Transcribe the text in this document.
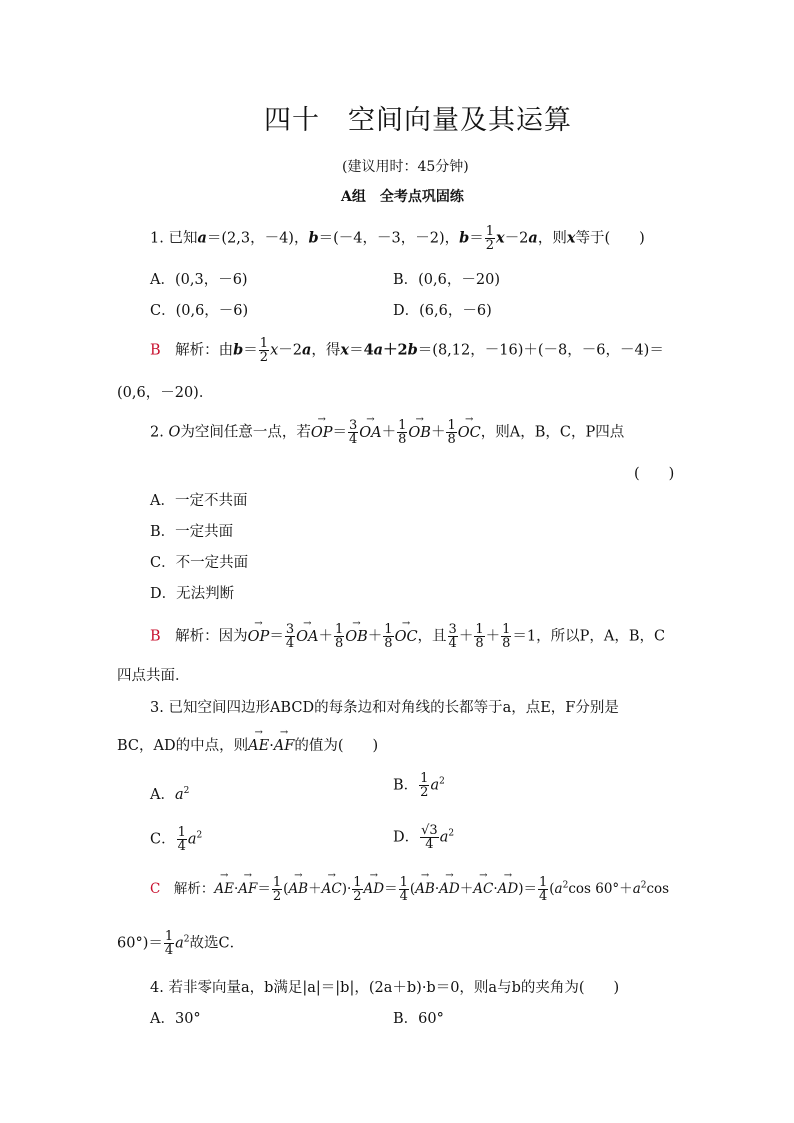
四十　空间向量及其运算
(建议用时：45分钟)
A组　全考点巩固练
1. 已知a＝(2,3，－4)，b＝(－4，－3，－2)，$b= \frac{1}{2} x-2a$，则x等于(　　)
A．(0,3，－6)	B．(0,6，－20)
C．(0,6，－6)	D．(6,6，－6)
B　 解析：由$b= \frac{1}{2} x-2a$，得x＝4a＋2b＝(8,12，－16)＋(－8，－6，－4)＝
(0,6，－20)．
2. O为空间任意一点，若→ $OP= \frac{3}{4}$
→ $OA+ \frac{1}{8}$
→ $OB+ \frac{1}{8}$
→ OC，则A，B，C，P四点
(　　)
A．一定不共面
B．一定共面
C．不一定共面
D．无法判断
B　 解析：因为→ $OP= \frac{3}{4}$
→ $OA+ \frac{1}{8}$
→ $OB+ \frac{1}{8}$
→ OC，且 $\frac{3}{4} + \frac{1}{8} + \frac{1}{8} =1$，所以P，A，B，C
四点共面．
3. 已知空间四边形ABCD的每条边和对角线的长都等于a，点E，F分别是
BC，AD的中点，则→ AE·→ AF的值为(　　)
A．$a^2$	B． $\frac{1}{2} a^2$
C． $\frac{1}{4} a^2$	D． $\frac{√3}{4} a^2$
C　 解析：→ $AE\cdot\to AF= \frac{1}{2}$ (→ $AB+\to AC)\cdot \frac{1}{2}$
→ $AD= \frac{1}{4}$ (→ $AB\cdot\to AD+\to AC\cdot\to AD)= \frac{1}{4} (a^2\cos$ $60^\circ+a^2\cos$
$60^\circ)= \frac{1}{4} a^2$故选C．
4. 若非零向量a，b满足|a|＝|b|，(2a＋b)·b＝0，则a与b的夹角为(　　)
A．30°	B．60°
